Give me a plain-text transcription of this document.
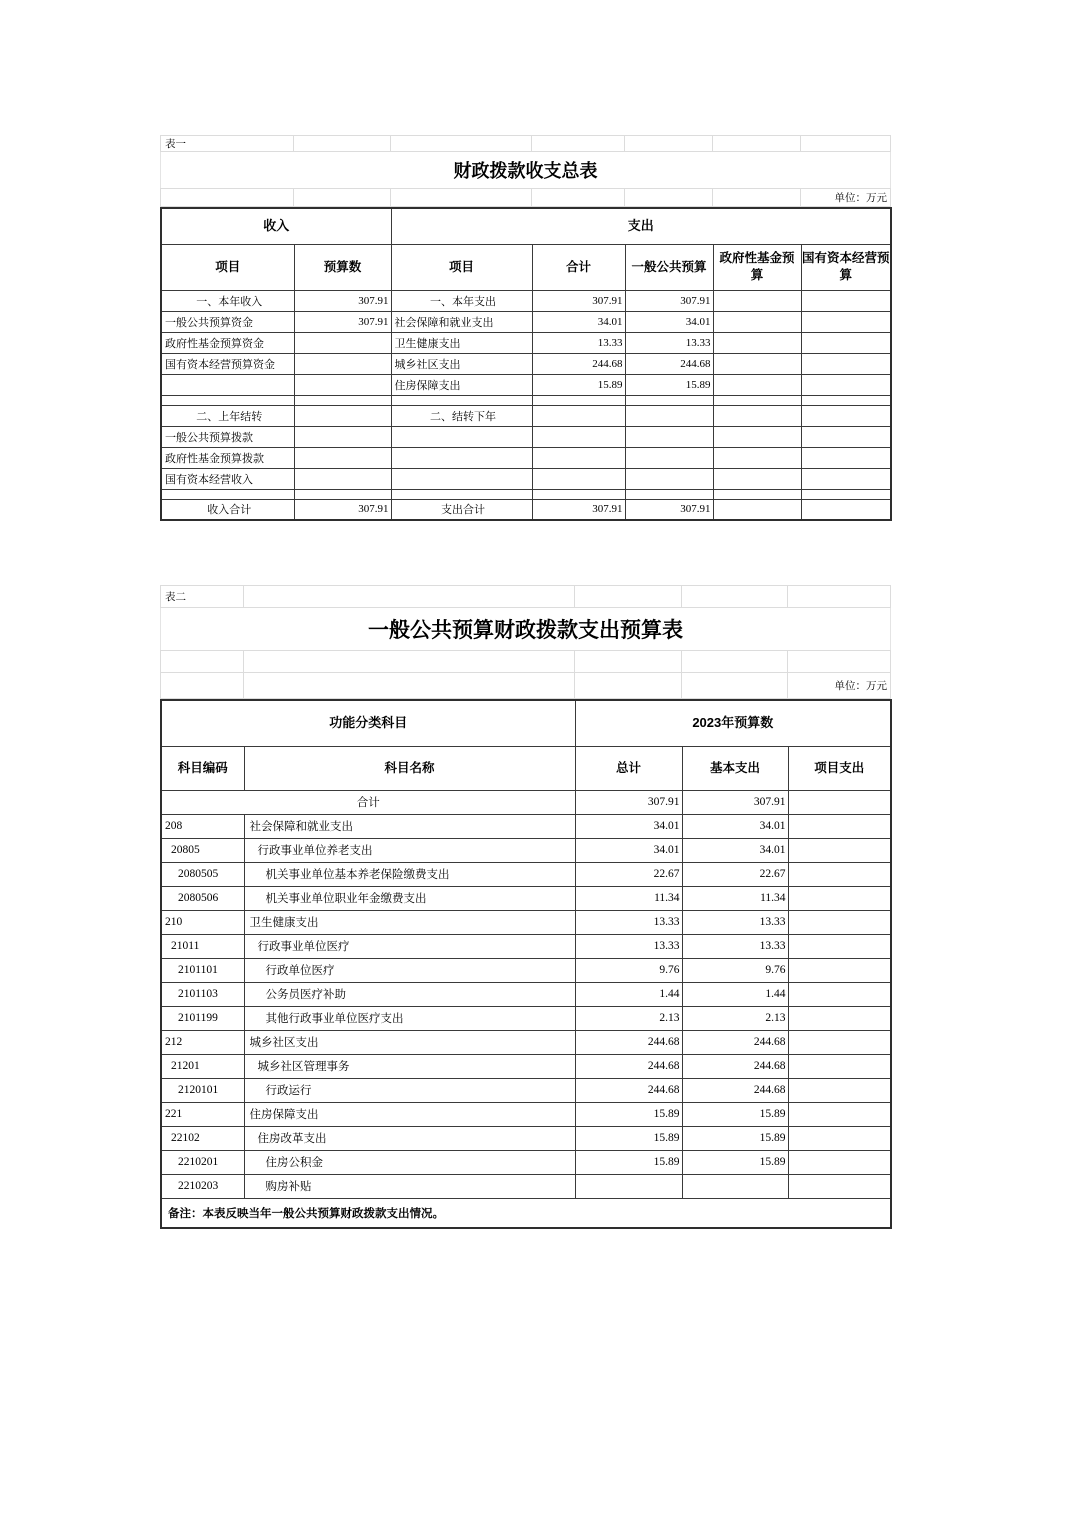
表一						
财政拨款收支总表						
						单位：万元
收入		支出				
项目	预算数	项目	合计	一般公共预算	政府性基金预算	国有资本经营预算
一、本年收入	307.91	一、本年支出	307.91	307.91		
一般公共预算资金	307.91	社会保障和就业支出	34.01	34.01		
政府性基金预算资金		卫生健康支出	13.33	13.33		
国有资本经营预算资金		城乡社区支出	244.68	244.68		
		住房保障支出	15.89	15.89		

二、上年结转		二、结转下年				
一般公共预算拨款						
政府性基金预算拨款						
国有资本经营收入						

收入合计	307.91	支出合计	307.91	307.91		
表二				
一般公共预算财政拨款支出预算表				

				单位：万元
功能分类科目		2023年预算数		
科目编码	科目名称	总计	基本支出	项目支出
合计		307.91	307.91	
208	社会保障和就业支出	34.01	34.01	
20805	行政事业单位养老支出	34.01	34.01	
2080505	机关事业单位基本养老保险缴费支出	22.67	22.67	
2080506	机关事业单位职业年金缴费支出	11.34	11.34	
210	卫生健康支出	13.33	13.33	
21011	行政事业单位医疗	13.33	13.33	
2101101	行政单位医疗	9.76	9.76	
2101103	公务员医疗补助	1.44	1.44	
2101199	其他行政事业单位医疗支出	2.13	2.13	
212	城乡社区支出	244.68	244.68	
21201	城乡社区管理事务	244.68	244.68	
2120101	行政运行	244.68	244.68	
221	住房保障支出	15.89	15.89	
22102	住房改革支出	15.89	15.89	
2210201	住房公积金	15.89	15.89	
2210203	购房补贴			
备注：本表反映当年一般公共预算财政拨款支出情况。				
